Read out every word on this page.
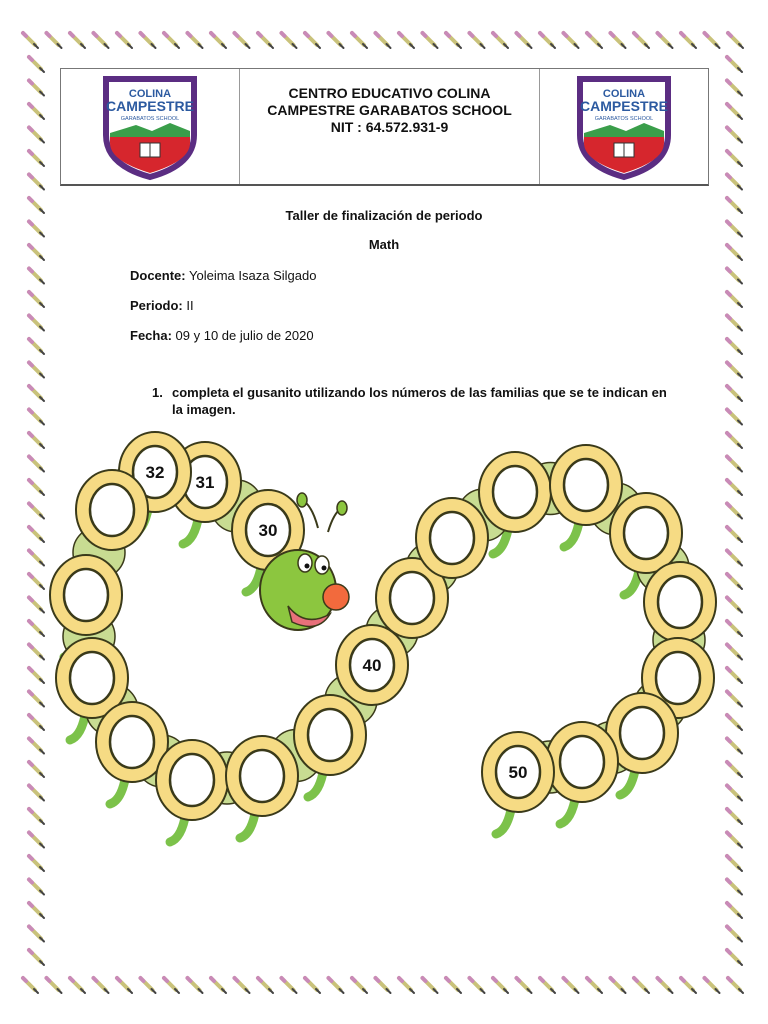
COLINA
CAMPESTRE
GARABATOS SCHOOL
CENTRO EDUCATIVO COLINA
CAMPESTRE GARABATOS SCHOOL
NIT : 64.572.931-9
COLINA
CAMPESTRE
GARABATOS SCHOOL
Taller de finalización de periodo
Math
Docente: Yoleima Isaza Silgado
Periodo: II
Fecha: 09 y 10 de julio de 2020
1. completa el gusanito utilizando los números de las familias que se te indican en la imagen.
30
31
32
40
50
